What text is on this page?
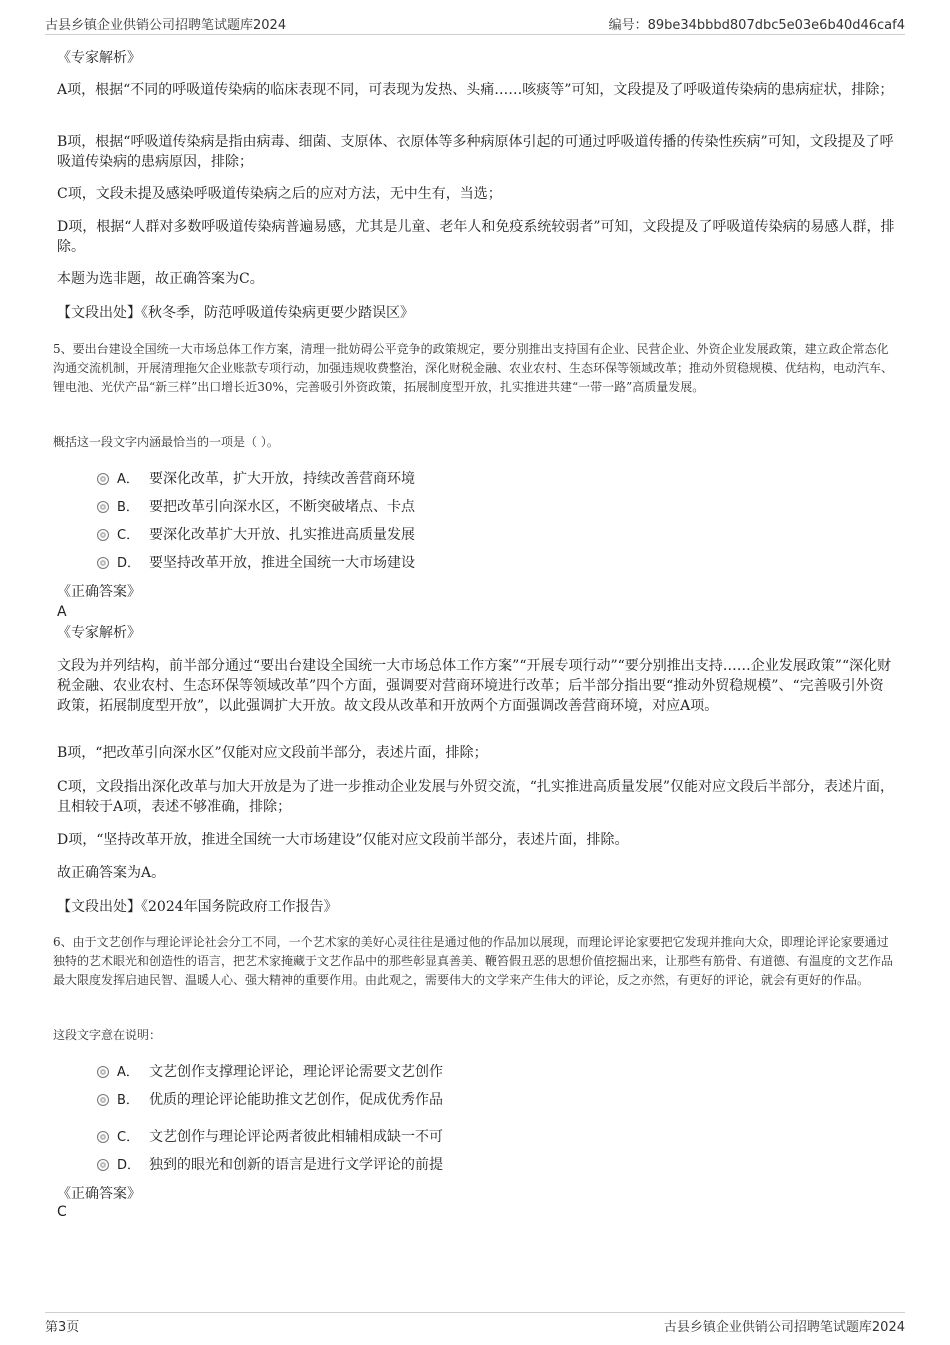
古县乡镇企业供销公司招聘笔试题库2024	编号：89be34bbbd807dbc5e03e6b40d46caf4

《专家解析》

A项，根据“不同的呼吸道传染病的临床表现不同，可表现为发热、头痛……咳痰等”可知，文段提及了呼吸道传染病的患病症状，排除；

B项，根据“呼吸道传染病是指由病毒、细菌、支原体、衣原体等多种病原体引起的可通过呼吸道传播的传染性疾病”可知，文段提及了呼吸道传染病的患病原因，排除；

C项，文段未提及感染呼吸道传染病之后的应对方法，无中生有，当选；

D项，根据“人群对多数呼吸道传染病普遍易感，尤其是儿童、老年人和免疫系统较弱者”可知，文段提及了呼吸道传染病的易感人群，排除。

本题为选非题，故正确答案为C。

【文段出处】《秋冬季，防范呼吸道传染病更要少踏误区》

5、要出台建设全国统一大市场总体工作方案，清理一批妨碍公平竞争的政策规定，要分别推出支持国有企业、民营企业、外资企业发展政策，建立政企常态化沟通交流机制，开展清理拖欠企业账款专项行动，加强违规收费整治，深化财税金融、农业农村、生态环保等领域改革；推动外贸稳规模、优结构，电动汽车、锂电池、光伏产品“新三样”出口增长近30%，完善吸引外资政策，拓展制度型开放，扎实推进共建“一带一路”高质量发展。

概括这一段文字内涵最恰当的一项是（ ）。

A． 要深化改革，扩大开放，持续改善营商环境
B． 要把改革引向深水区，不断突破堵点、卡点
C． 要深化改革扩大开放、扎实推进高质量发展
D． 要坚持改革开放，推进全国统一大市场建设

《正确答案》

A

《专家解析》

文段为并列结构，前半部分通过“要出台建设全国统一大市场总体工作方案”“开展专项行动”“要分别推出支持……企业发展政策”“深化财税金融、农业农村、生态环保等领域改革”四个方面，强调要对营商环境进行改革；后半部分指出要“推动外贸稳规模”、“完善吸引外资政策，拓展制度型开放”，以此强调扩大开放。故文段从改革和开放两个方面强调改善营商环境，对应A项。

B项，“把改革引向深水区”仅能对应文段前半部分，表述片面，排除；

C项，文段指出深化改革与加大开放是为了进一步推动企业发展与外贸交流，“扎实推进高质量发展”仅能对应文段后半部分，表述片面，且相较于A项，表述不够准确，排除；

D项，“坚持改革开放，推进全国统一大市场建设”仅能对应文段前半部分，表述片面，排除。

故正确答案为A。

【文段出处】《2024年国务院政府工作报告》

6、由于文艺创作与理论评论社会分工不同，一个艺术家的美好心灵往往是通过他的作品加以展现，而理论评论家要把它发现并推向大众，即理论评论家要通过独特的艺术眼光和创造性的语言，把艺术家掩藏于文艺作品中的那些彰显真善美、鞭笞假丑恶的思想价值挖掘出来，让那些有筋骨、有道德、有温度的文艺作品最大限度发挥启迪民智、温暖人心、强大精神的重要作用。由此观之，需要伟大的文学来产生伟大的评论，反之亦然，有更好的评论，就会有更好的作品。

这段文字意在说明：

A． 文艺创作支撑理论评论，理论评论需要文艺创作
B． 优质的理论评论能助推文艺创作，促成优秀作品
C． 文艺创作与理论评论两者彼此相辅相成缺一不可
D． 独到的眼光和创新的语言是进行文学评论的前提

《正确答案》

C

第3页	古县乡镇企业供销公司招聘笔试题库2024
